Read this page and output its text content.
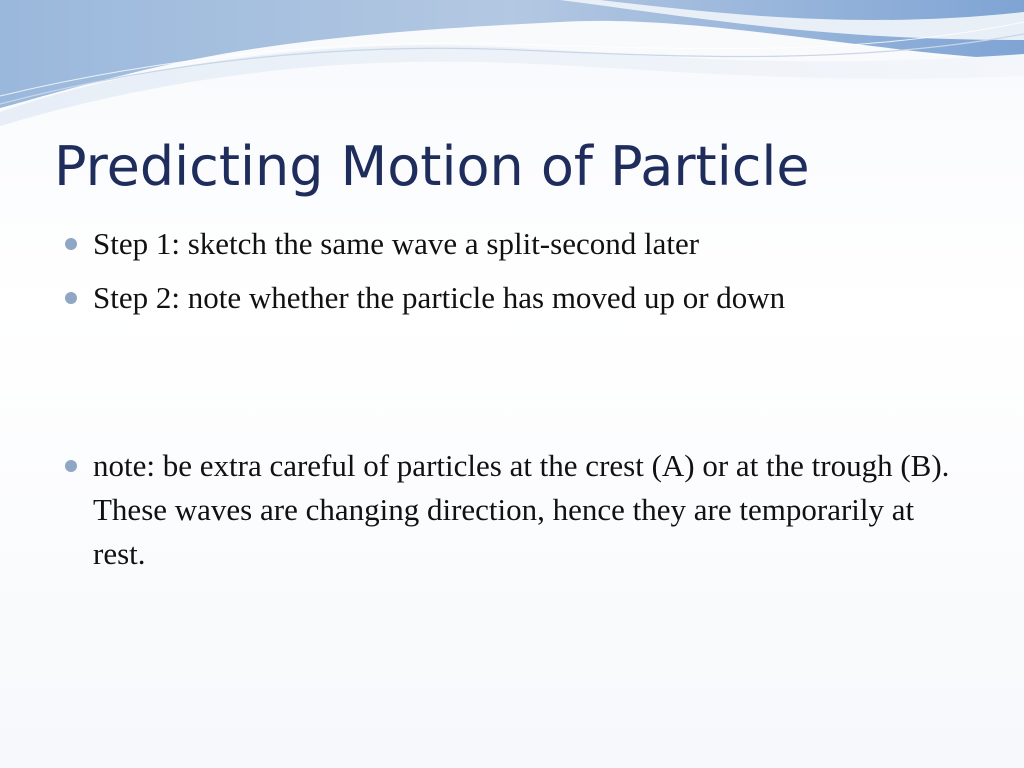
Predicting Motion of Particle
Step 1: sketch the same wave a split-second later
Step 2: note whether the particle has moved up or down
note: be extra careful of particles at the crest (A) or at the trough (B). These waves are changing direction, hence they are temporarily at rest.
